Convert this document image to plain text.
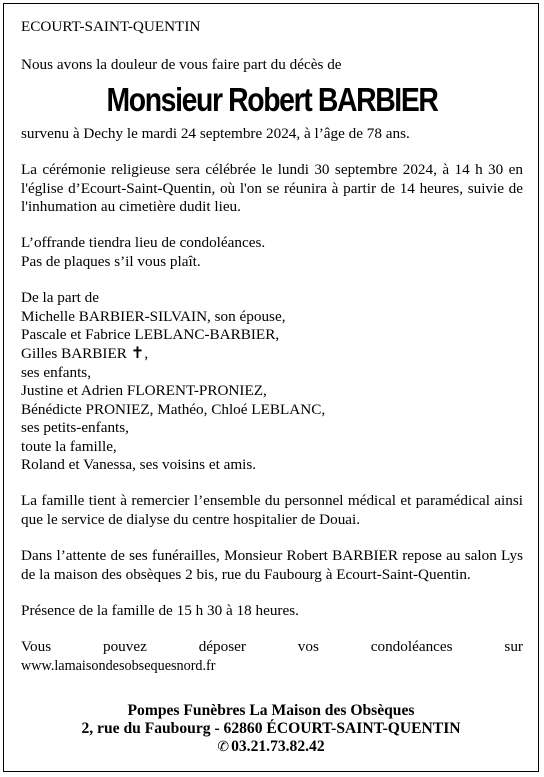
ECOURT-SAINT-QUENTIN

Nous avons la douleur de vous faire part du décès de

Monsieur Robert BARBIER

survenu à Dechy le mardi 24 septembre 2024, à l’âge de 78 ans.

La cérémonie religieuse sera célébrée le lundi 30 septembre 2024, à 14 h 30 en l'église d’Ecourt-Saint-Quentin, où l'on se réunira à partir de 14 heures, suivie de l'inhumation au cimetière dudit lieu.

L’offrande tiendra lieu de condoléances.

Pas de plaques s’il vous plaît.

De la part de

Michelle BARBIER-SILVAIN, son épouse,

Pascale et Fabrice LEBLANC-BARBIER,

Gilles BARBIER ✝,

ses enfants,

Justine et Adrien FLORENT-PRONIEZ,

Bénédicte PRONIEZ, Mathéo, Chloé LEBLANC,

ses petits-enfants,

toute la famille,

Roland et Vanessa, ses voisins et amis.

La famille tient à remercier l’ensemble du personnel médical et paramédical ainsi que le service de dialyse du centre hospitalier de Douai.

Dans l’attente de ses funérailles, Monsieur Robert BARBIER repose au salon Lys de la maison des obsèques 2 bis, rue du Faubourg à Ecourt-Saint-Quentin.

Présence de la famille de 15 h 30 à 18 heures.

Vous pouvez déposer vos condoléances sur

www.lamaisondesobsequesnord.fr

Pompes Funèbres La Maison des Obsèques
2, rue du Faubourg - 62860 ÉCOURT-SAINT-QUENTIN
✆ 03.21.73.82.42
